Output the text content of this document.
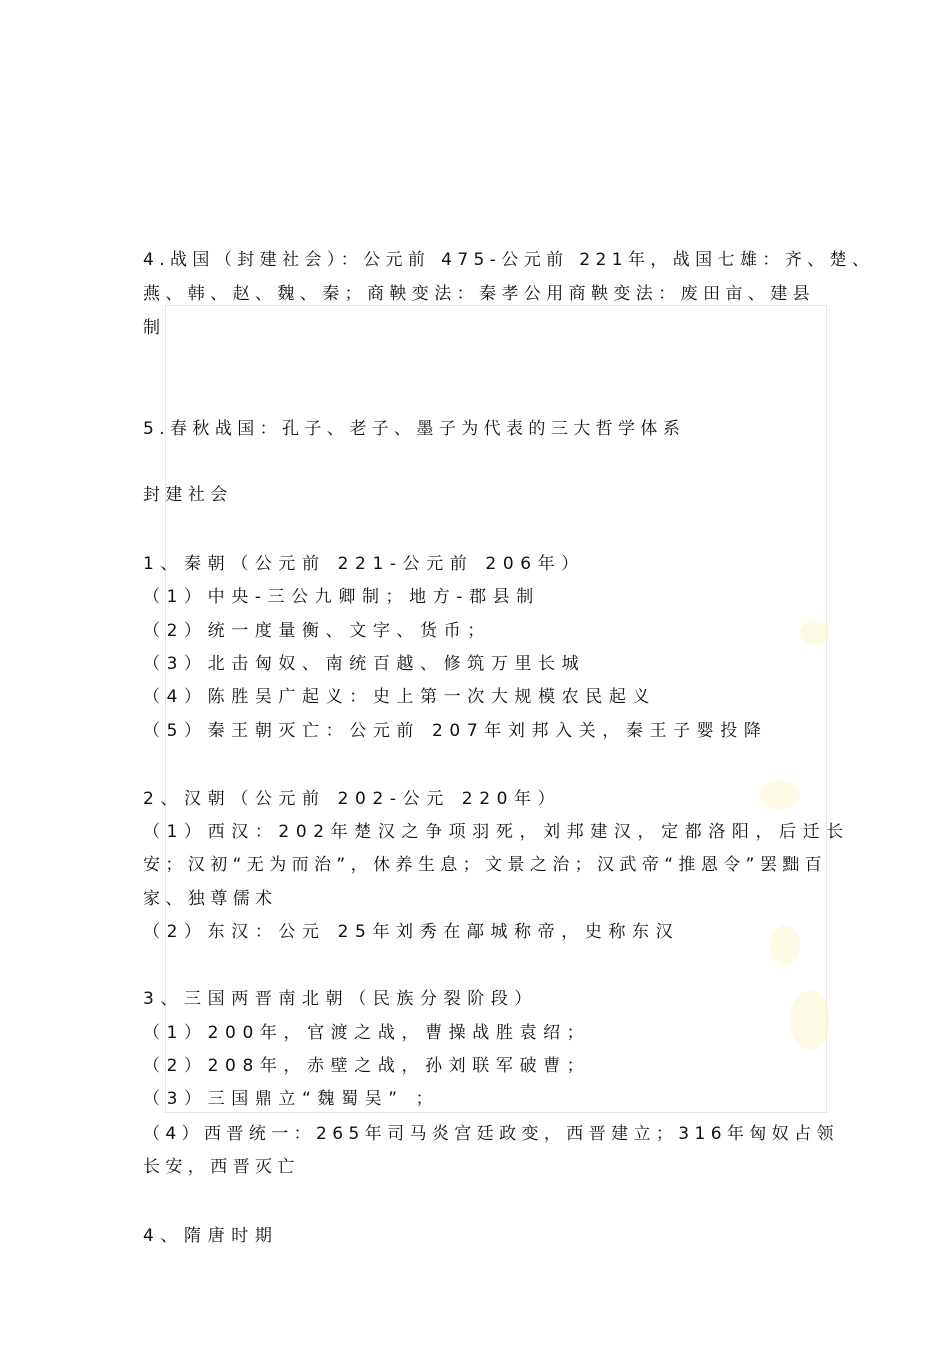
4.战国（封建社会）：公元前 475-公元前 221年，战国七雄：齐、楚、
燕、韩、赵、魏、秦；商鞅变法：秦孝公用商鞅变法：废田亩、建县
制
5.春秋战国：孔子、老子、墨子为代表的三大哲学体系
封建社会
1、秦朝（公元前 221-公元前 206年）
（1）中央-三公九卿制；地方-郡县制
（2）统一度量衡、文字、货币；
（3）北击匈奴、南统百越、修筑万里长城
（4）陈胜吴广起义：史上第一次大规模农民起义
（5）秦王朝灭亡：公元前 207年刘邦入关，秦王子婴投降
2、汉朝（公元前 202-公元 220年）
（1）西汉：202年楚汉之争项羽死，刘邦建汉，定都洛阳，后迁长
安；汉初“无为而治”，休养生息；文景之治；汉武帝“推恩令”罢黜百
家、独尊儒术
（2）东汉：公元 25年刘秀在鄗城称帝，史称东汉
3、三国两晋南北朝（民族分裂阶段）
（1）200年，官渡之战，曹操战胜袁绍；
（2）208年，赤壁之战，孙刘联军破曹；
（3）三国鼎立“魏蜀吴” ；
（4）西晋统一：265年司马炎宫廷政变，西晋建立；316年匈奴占领
长安，西晋灭亡
4、隋唐时期
